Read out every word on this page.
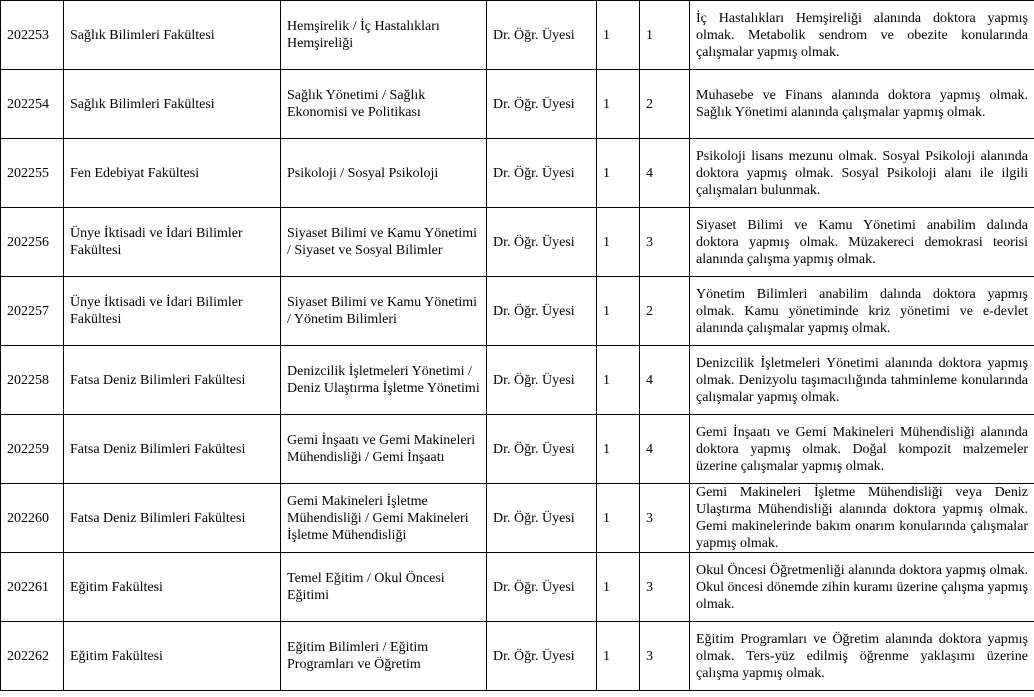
202253	Sağlık Bilimleri Fakültesi	Hemşirelik / İç Hastalıkları Hemşireliği	Dr. Öğr. Üyesi	1	1	İç Hastalıkları Hemşireliği alanında doktora yapmış olmak. Metabolik sendrom ve obezite konularında çalışmalar yapmış olmak.
202254	Sağlık Bilimleri Fakültesi	Sağlık Yönetimi / Sağlık Ekonomisi ve Politikası	Dr. Öğr. Üyesi	1	2	Muhasebe ve Finans alanında doktora yapmış olmak. Sağlık Yönetimi alanında çalışmalar yapmış olmak.
202255	Fen Edebiyat Fakültesi	Psikoloji / Sosyal Psikoloji	Dr. Öğr. Üyesi	1	4	Psikoloji lisans mezunu olmak. Sosyal Psikoloji alanında doktora yapmış olmak. Sosyal Psikoloji alanı ile ilgili çalışmaları bulunmak.
202256	Ünye İktisadi ve İdari Bilimler Fakültesi	Siyaset Bilimi ve Kamu Yönetimi / Siyaset ve Sosyal Bilimler	Dr. Öğr. Üyesi	1	3	Siyaset Bilimi ve Kamu Yönetimi anabilim dalında doktora yapmış olmak. Müzakereci demokrasi teorisi alanında çalışma yapmış olmak.
202257	Ünye İktisadi ve İdari Bilimler Fakültesi	Siyaset Bilimi ve Kamu Yönetimi / Yönetim Bilimleri	Dr. Öğr. Üyesi	1	2	Yönetim Bilimleri anabilim dalında doktora yapmış olmak. Kamu yönetiminde kriz yönetimi ve e-devlet alanında çalışmalar yapmış olmak.
202258	Fatsa Deniz Bilimleri Fakültesi	Denizcilik İşletmeleri Yönetimi / Deniz Ulaştırma İşletme Yönetimi	Dr. Öğr. Üyesi	1	4	Denizcilik İşletmeleri Yönetimi alanında doktora yapmış olmak. Denizyolu taşımacılığında tahminleme konularında çalışmalar yapmış olmak.
202259	Fatsa Deniz Bilimleri Fakültesi	Gemi İnşaatı ve Gemi Makineleri Mühendisliği / Gemi İnşaatı	Dr. Öğr. Üyesi	1	4	Gemi İnşaatı ve Gemi Makineleri Mühendisliği alanında doktora yapmış olmak. Doğal kompozit malzemeler üzerine çalışmalar yapmış olmak.
202260	Fatsa Deniz Bilimleri Fakültesi	Gemi Makineleri İşletme Mühendisliği / Gemi Makineleri İşletme Mühendisliği	Dr. Öğr. Üyesi	1	3	Gemi Makineleri İşletme Mühendisliği veya Deniz Ulaştırma Mühendisliği alanında doktora yapmış olmak. Gemi makinelerinde bakım onarım konularında çalışmalar yapmış olmak.
202261	Eğitim Fakültesi	Temel Eğitim / Okul Öncesi Eğitimi	Dr. Öğr. Üyesi	1	3	Okul Öncesi Öğretmenliği alanında doktora yapmış olmak. Okul öncesi dönemde zihin kuramı üzerine çalışma yapmış olmak.
202262	Eğitim Fakültesi	Eğitim Bilimleri / Eğitim Programları ve Öğretim	Dr. Öğr. Üyesi	1	3	Eğitim Programları ve Öğretim alanında doktora yapmış olmak. Ters-yüz edilmiş öğrenme yaklaşımı üzerine çalışma yapmış olmak.
